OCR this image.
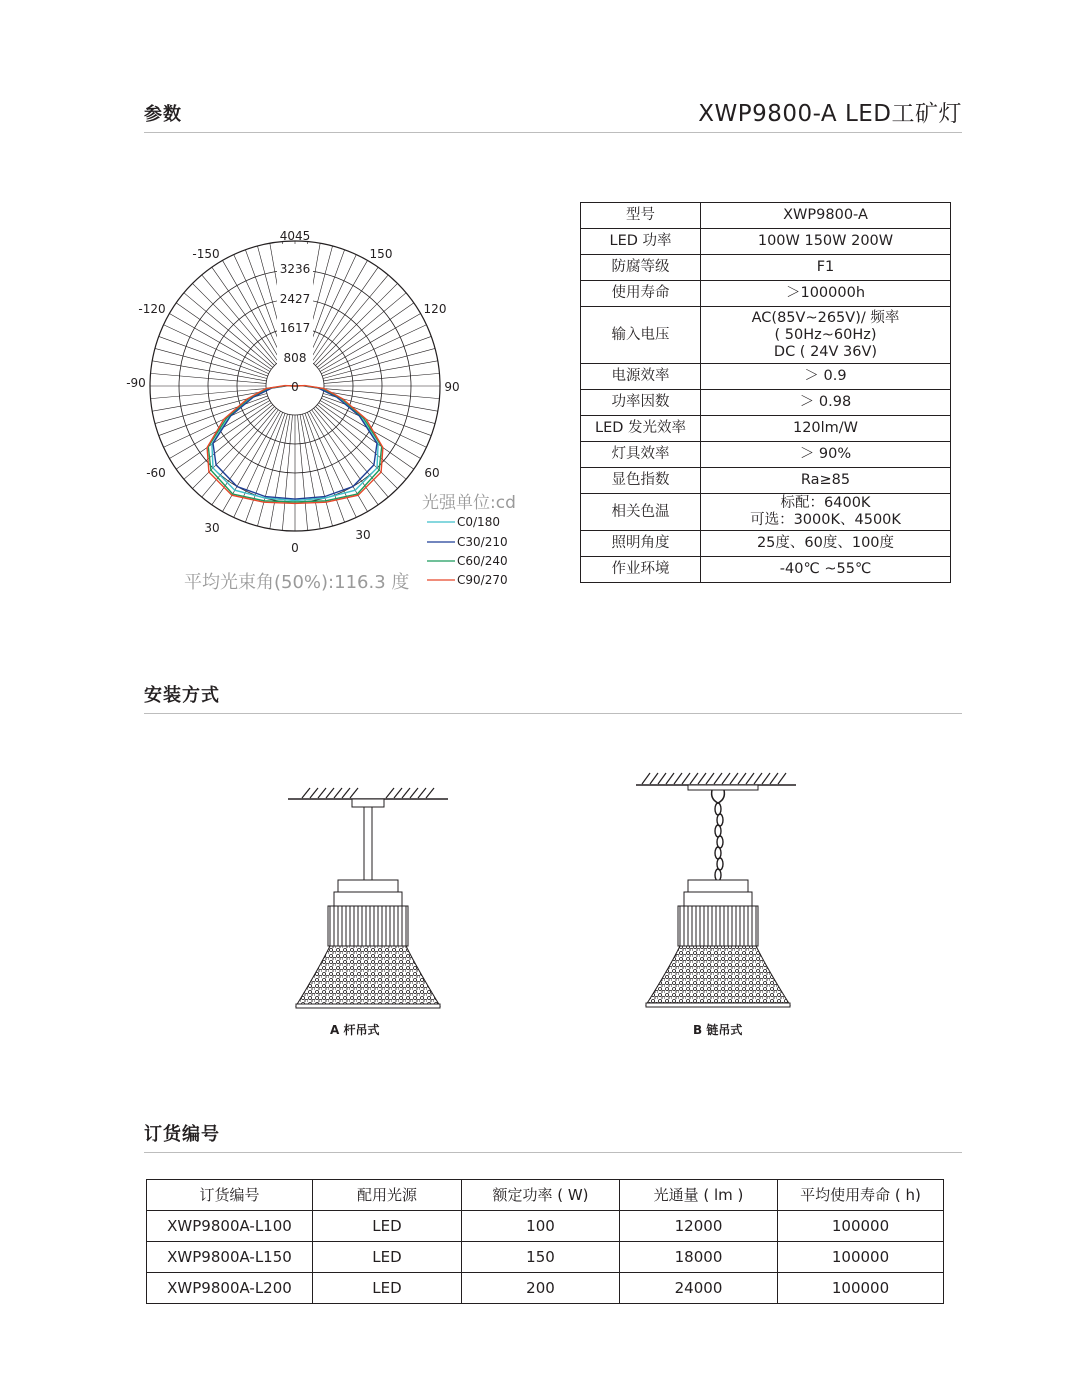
参数	XWP9800-A LED工矿灯
4045
3236
2427
1617
808
0
-150	150
-120	120
-90	90
-60	60
30	30
0
光强单位:cd
C0/180
C30/210
C60/240
C90/270
平均光束角(50%):116.3 度
型号	XWP9800-A

LED 功率	100W 150W 200W

防腐等级	F1

使用寿命	＞100000h

输入电压	AC(85V~265V)/ 频率
( 50Hz~60Hz)
DC ( 24V 36V)

电源效率	＞ 0.9

功率因数	＞ 0.98

LED 发光效率	120lm/W

灯具效率	＞ 90%

显色指数	Ra≥85

相关色温	标配：6400K
可选：3000K、4500K

照明角度	25度、60度、100度

作业环境	-40℃ ~55℃
安装方式
A 杆吊式	B 链吊式
订货编号
订货编号	配用光源	额定功率 ( W)	光通量 ( lm )	平均使用寿命 ( h)
XWP9800A-L100	LED	100	12000	100000
XWP9800A-L150	LED	150	18000	100000
XWP9800A-L200	LED	200	24000	100000
